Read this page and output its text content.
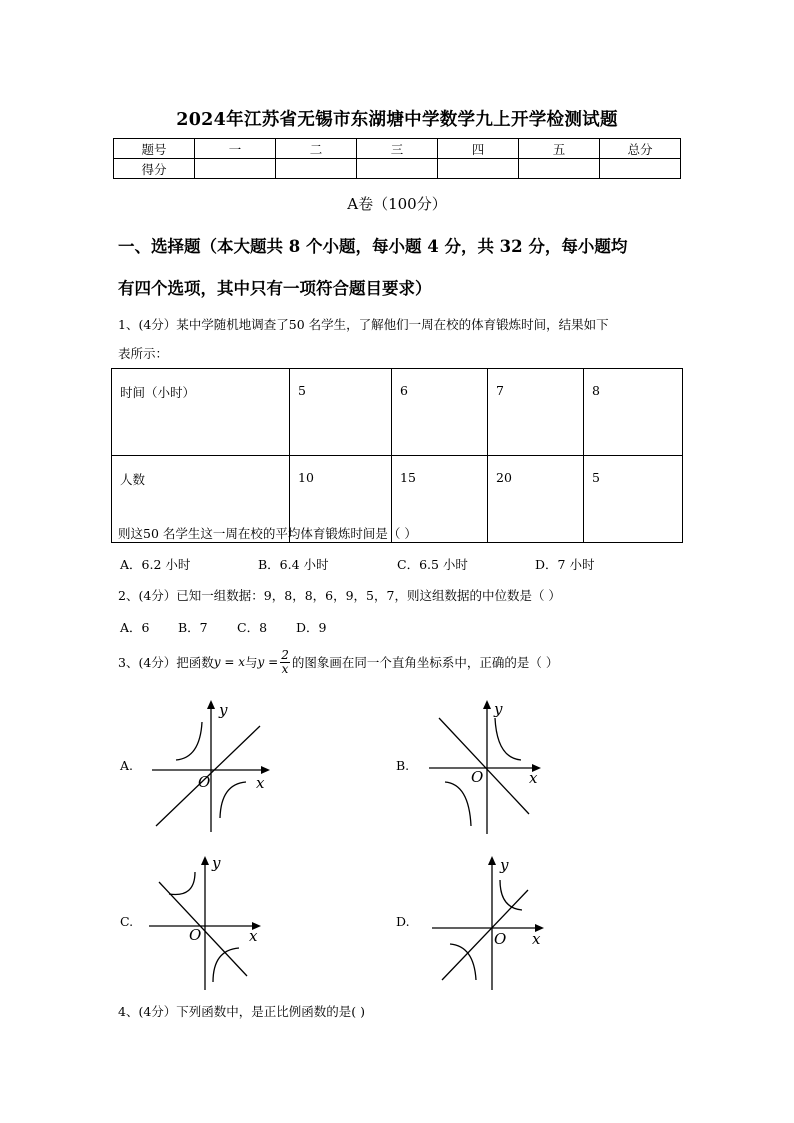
2024年江苏省无锡市东湖塘中学数学九上开学检测试题
题号	一	二	三	四	五	总分
得分						
A卷（100分）
一、选择题（本大题共 8 个小题，每小题 4 分，共 32 分，每小题均
有四个选项，其中只有一项符合题目要求）
1、(4分）某中学随机地调查了50 名学生，了解他们一周在校的体育锻炼时间，结果如下
表所示：
时间（小时）	5	6	7	8
人数	10	15	20	5
则这50 名学生这一周在校的平均体育锻炼时间是（ ）
A．6.2 小时	B．6.4 小时	C．6.5 小时	D．7 小时
2、(4分）已知一组数据：9，8，8，6，9，5，7，则这组数据的中位数是（ ）
A．6 B．7 C．8 D．9
3、(4分）把函数 y = x 与 $y = \frac{2}{x}$ 的图象画在同一个直角坐标系中，正确的是（ ）
A.	B.
C.	D.
y
x
O
y
x
O
y
x
O
y
x
O
4、(4分）下列函数中，是正比例函数的是( )
